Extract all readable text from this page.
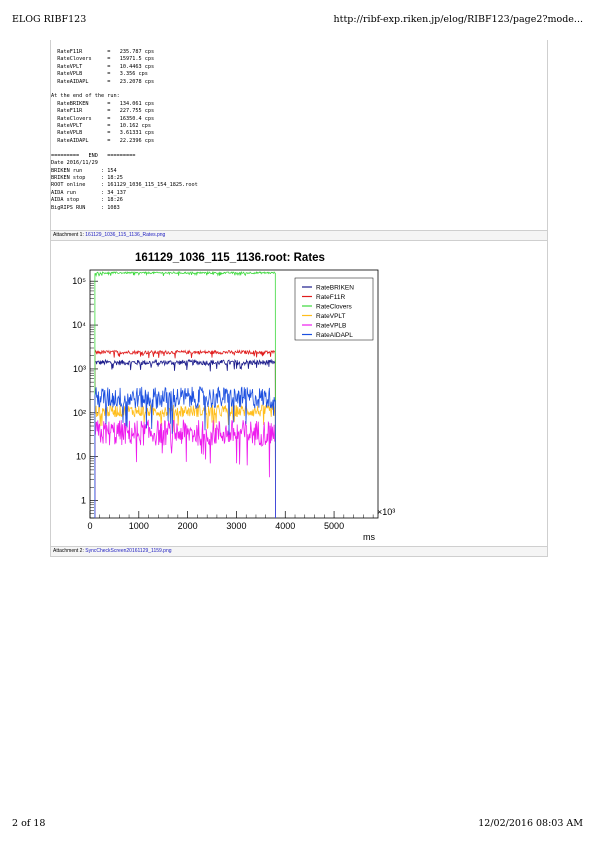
ELOG RIBF123	http://ribf-exp.riken.jp/elog/RIBF123/page2?mode...
RateF11R        =   235.787 cps
RateClovers     =   15971.5 cps
RateVPLT        =   10.4463 cps
RateVPLB        =   3.356 cps
RateAIDAPL      =   23.2078 cps

At the end of the run:
RateBRIKEN      =   134.061 cps
RateF11R        =   227.755 cps
RateClovers     =   16350.4 cps
RateVPLT        =   10.162 cps
RateVPLB        =   3.61331 cps
RateAIDAPL      =   22.2396 cps

=========   END   =========
Date 2016/11/29
BRIKEN run      : 154
BRIKEN stop     : 18:25
ROOT online     : 161129_1036_115_154_1825.root
AIDA run        : 34_137
AIDA stop       : 18:26
BigRIPS RUN     : 1083
Attachment 1: 161129_1036_115_1136_Rates.png
161129_1036_115_1136.root: Rates
0	1000	2000	3000	4000	5000
1
10
10²
10³
10⁴
10⁵
RateBRIKEN
RateF11R
RateClovers
RateVPLT
RateVPLB
RateAIDAPL
×10³
ms
Attachment 2: SyncCheckScreen20161129_1159.png
2 of 18	12/02/2016 08:03 AM
